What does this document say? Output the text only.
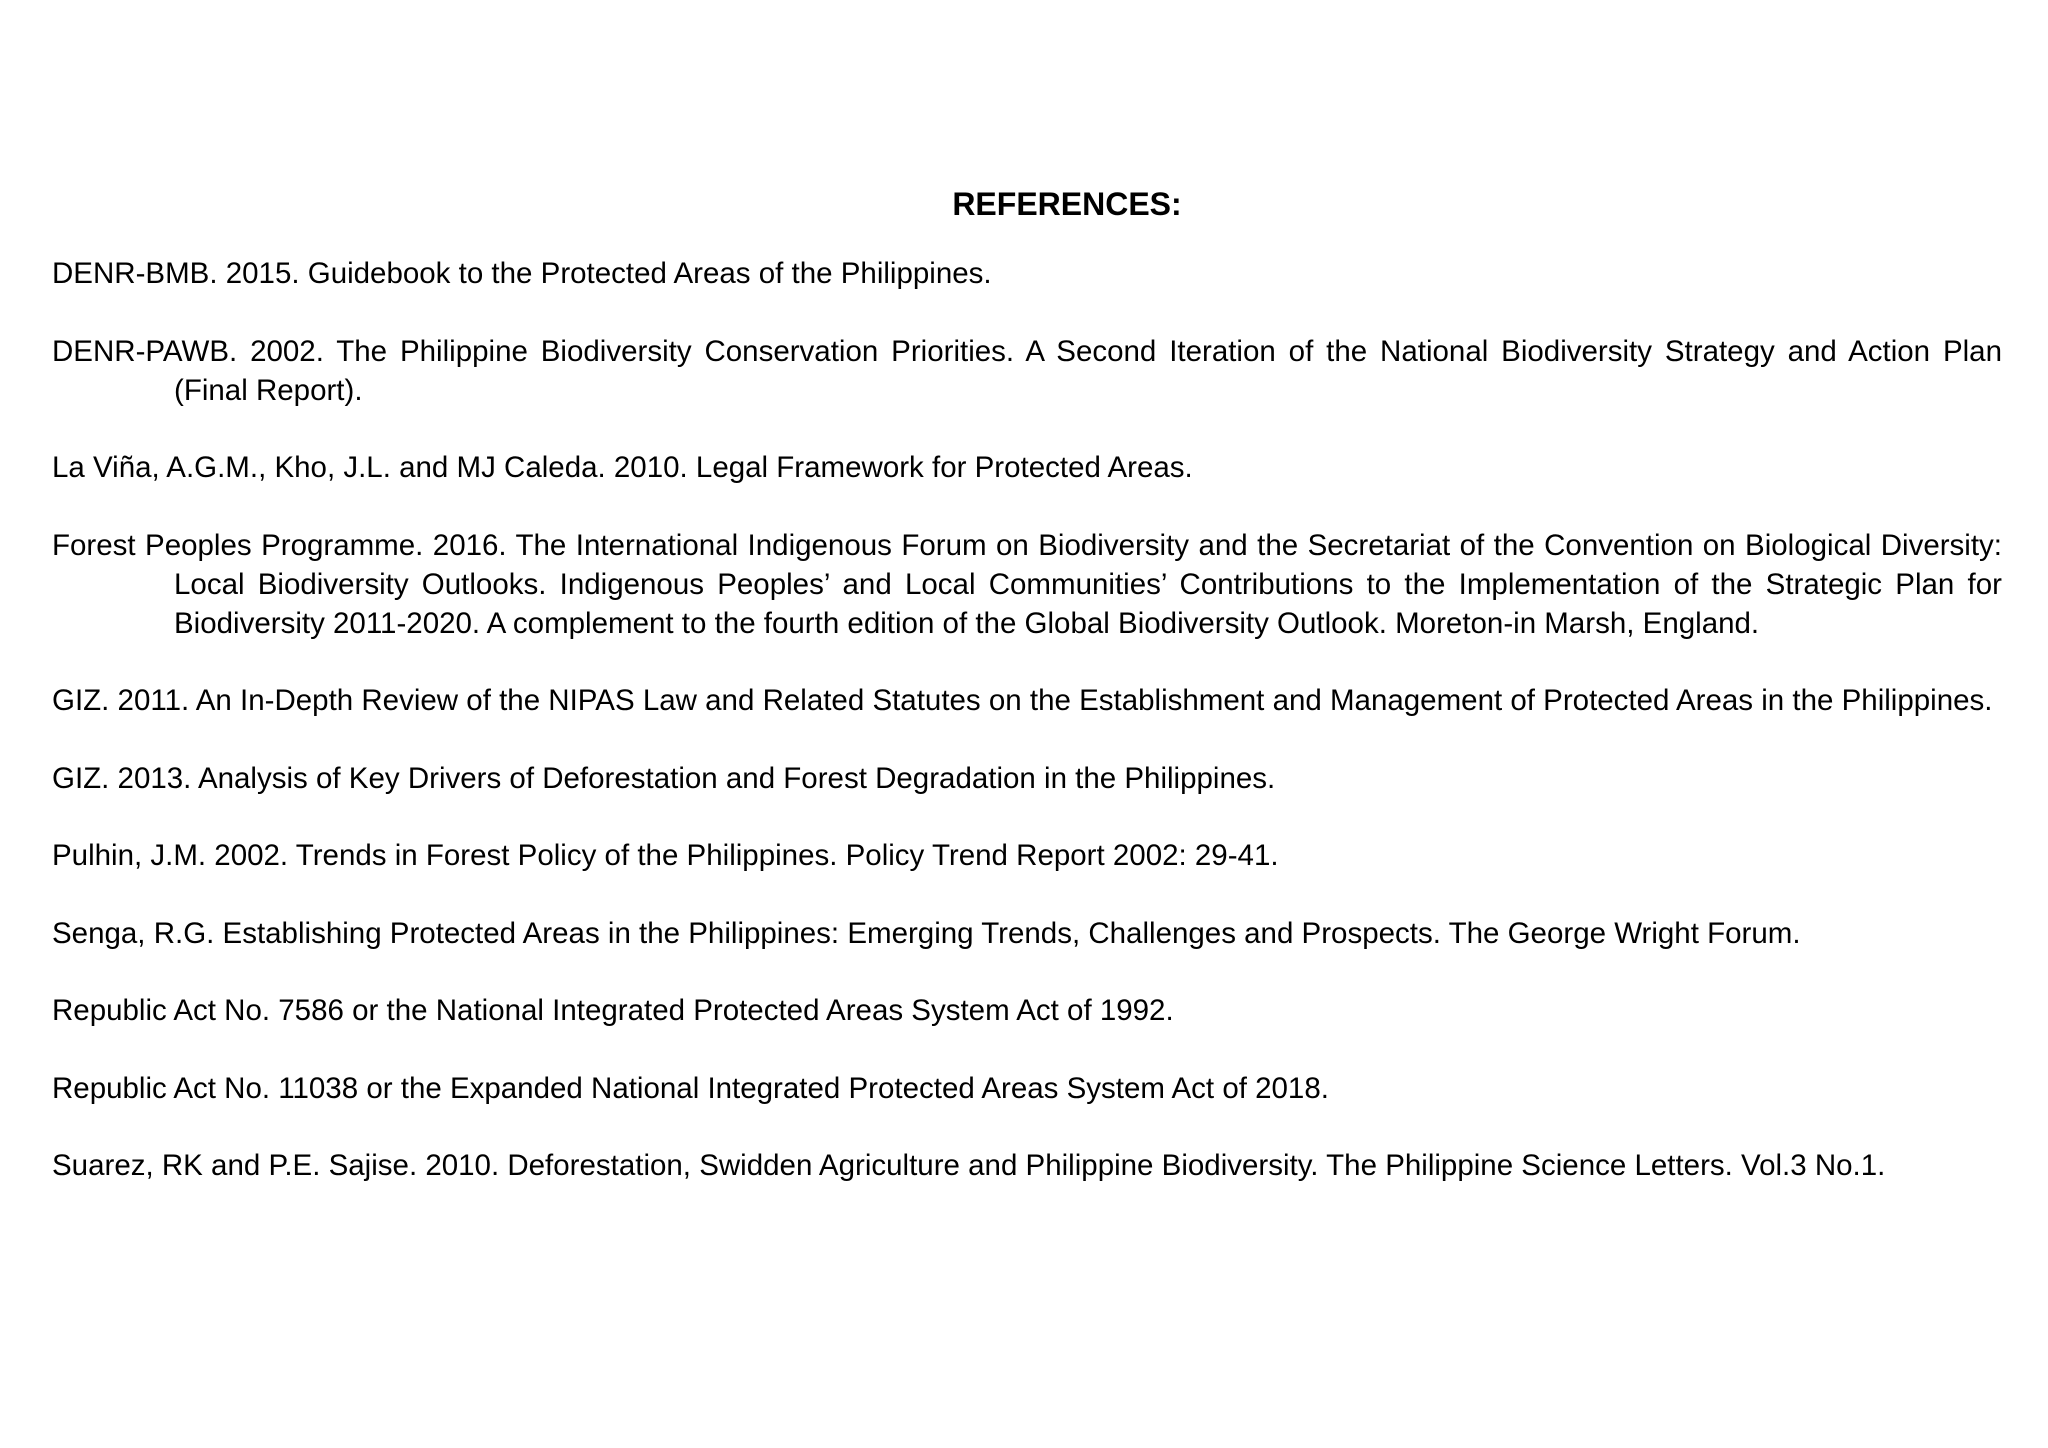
REFERENCES:
DENR-BMB. 2015. Guidebook to the Protected Areas of the Philippines.
DENR-PAWB. 2002. The Philippine Biodiversity Conservation Priorities. A Second Iteration of the National Biodiversity Strategy and Action Plan (Final Report).
La Viña, A.G.M., Kho, J.L. and MJ Caleda. 2010. Legal Framework for Protected Areas.
Forest Peoples Programme. 2016. The International Indigenous Forum on Biodiversity and the Secretariat of the Convention on Biological Diversity: Local Biodiversity Outlooks. Indigenous Peoples’ and Local Communities’ Contributions to the Implementation of the Strategic Plan for Biodiversity 2011-2020. A complement to the fourth edition of the Global Biodiversity Outlook. Moreton-in Marsh, England.
GIZ. 2011. An In-Depth Review of the NIPAS Law and Related Statutes on the Establishment and Management of Protected Areas in the Philippines.
GIZ. 2013. Analysis of Key Drivers of Deforestation and Forest Degradation in the Philippines.
Pulhin, J.M. 2002. Trends in Forest Policy of the Philippines. Policy Trend Report 2002: 29-41.
Senga, R.G. Establishing Protected Areas in the Philippines: Emerging Trends, Challenges and Prospects. The George Wright Forum.
Republic Act No. 7586 or the National Integrated Protected Areas System Act of 1992.
Republic Act No. 11038 or the Expanded National Integrated Protected Areas System Act of 2018.
Suarez, RK and P.E. Sajise. 2010. Deforestation, Swidden Agriculture and Philippine Biodiversity. The Philippine Science Letters. Vol.3 No.1.
